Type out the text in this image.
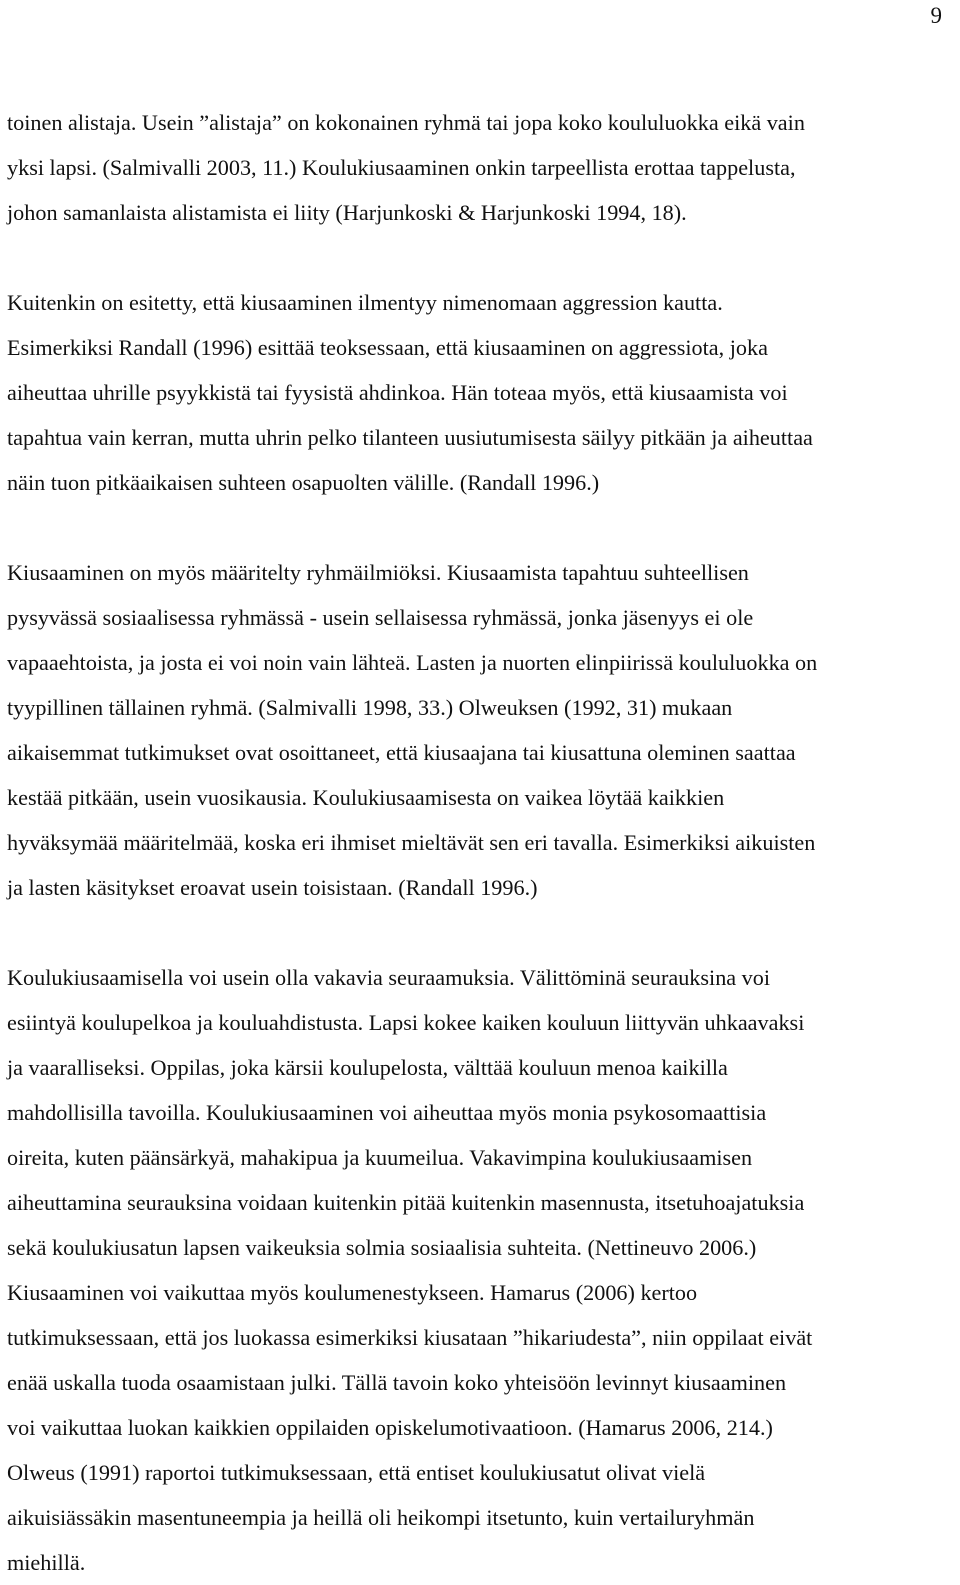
9

toinen alistaja. Usein ”alistaja” on kokonainen ryhmä tai jopa koko koululuokka eikä vain
yksi lapsi. (Salmivalli 2003, 11.) Koulukiusaaminen onkin tarpeellista erottaa tappelusta,
johon samanlaista alistamista ei liity (Harjunkoski & Harjunkoski 1994, 18).

Kuitenkin on esitetty, että kiusaaminen ilmentyy nimenomaan aggression kautta.
Esimerkiksi Randall (1996) esittää teoksessaan, että kiusaaminen on aggressiota, joka
aiheuttaa uhrille psyykkistä tai fyysistä ahdinkoa. Hän toteaa myös, että kiusaamista voi
tapahtua vain kerran, mutta uhrin pelko tilanteen uusiutumisesta säilyy pitkään ja aiheuttaa
näin tuon pitkäaikaisen suhteen osapuolten välille. (Randall 1996.)

Kiusaaminen on myös määritelty ryhmäilmiöksi. Kiusaamista tapahtuu suhteellisen
pysyvässä sosiaalisessa ryhmässä - usein sellaisessa ryhmässä, jonka jäsenyys ei ole
vapaaehtoista, ja josta ei voi noin vain lähteä. Lasten ja nuorten elinpiirissä koululuokka on
tyypillinen tällainen ryhmä. (Salmivalli 1998, 33.) Olweuksen (1992, 31) mukaan
aikaisemmat tutkimukset ovat osoittaneet, että kiusaajana tai kiusattuna oleminen saattaa
kestää pitkään, usein vuosikausia. Koulukiusaamisesta on vaikea löytää kaikkien
hyväksymää määritelmää, koska eri ihmiset mieltävät sen eri tavalla. Esimerkiksi aikuisten
ja lasten käsitykset eroavat usein toisistaan. (Randall 1996.)

Koulukiusaamisella voi usein olla vakavia seuraamuksia. Välittöminä seurauksina voi
esiintyä koulupelkoa ja kouluahdistusta. Lapsi kokee kaiken kouluun liittyvän uhkaavaksi
ja vaaralliseksi. Oppilas, joka kärsii koulupelosta, välttää kouluun menoa kaikilla
mahdollisilla tavoilla. Koulukiusaaminen voi aiheuttaa myös monia psykosomaattisia
oireita, kuten päänsärkyä, mahakipua ja kuumeilua. Vakavimpina koulukiusaamisen
aiheuttamina seurauksina voidaan kuitenkin pitää kuitenkin masennusta, itsetuhoajatuksia
sekä koulukiusatun lapsen vaikeuksia solmia sosiaalisia suhteita. (Nettineuvo 2006.)
Kiusaaminen voi vaikuttaa myös koulumenestykseen. Hamarus (2006) kertoo
tutkimuksessaan, että jos luokassa esimerkiksi kiusataan ”hikariudesta”, niin oppilaat eivät
enää uskalla tuoda osaamistaan julki. Tällä tavoin koko yhteisöön levinnyt kiusaaminen
voi vaikuttaa luokan kaikkien oppilaiden opiskelumotivaatioon. (Hamarus 2006, 214.)
Olweus (1991) raportoi tutkimuksessaan, että entiset koulukiusatut olivat vielä
aikuisiässäkin masentuneempia ja heillä oli heikompi itsetunto, kuin vertailuryhmän
miehillä.
